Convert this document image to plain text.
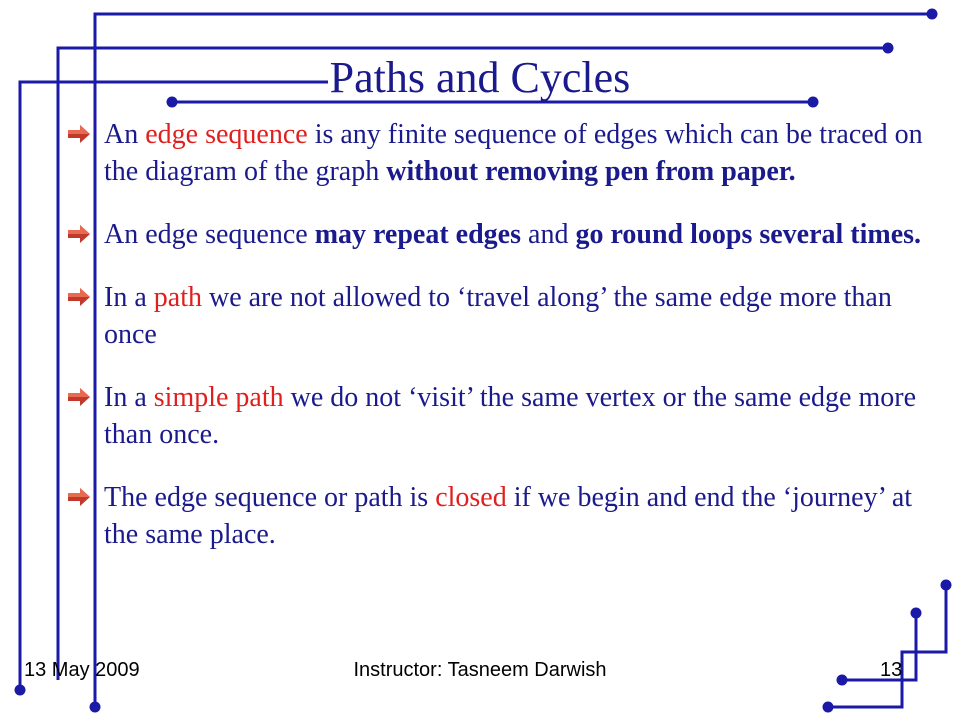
Paths and Cycles

An edge sequence is any finite sequence of edges which can be traced on the diagram of the graph without removing pen from paper.

An edge sequence may repeat edges and go round loops several times.

In a path we are not allowed to ‘travel along’ the same edge more than once

In a simple path we do not ‘visit’ the same vertex or the same edge more than once.

The edge sequence or path is closed if we begin and end the ‘journey’ at the same place.

13 May 2009	Instructor: Tasneem Darwish	13
